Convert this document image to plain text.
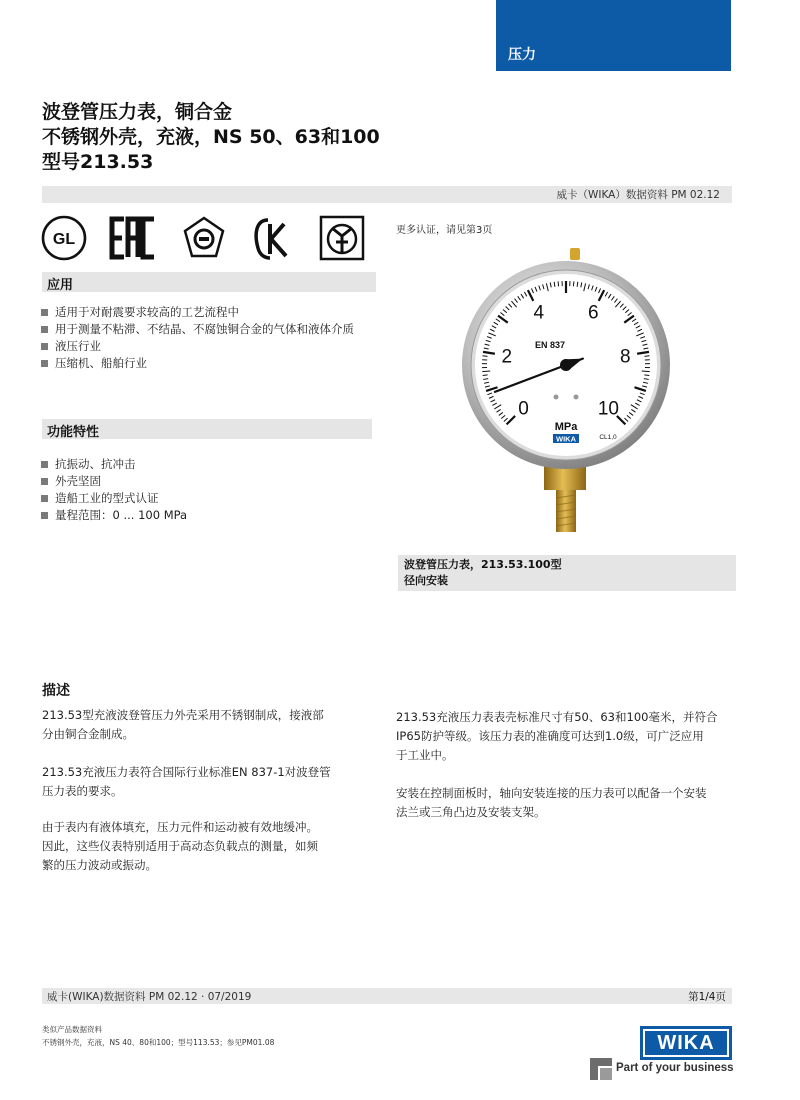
压力
波登管压力表，铜合金
不锈钢外壳，充液，NS 50、63和100
型号213.53
威卡（WIKA）数据资料 PM 02.12
GL
更多认证，请见第3页
应用
适用于对耐震要求较高的工艺流程中
用于测量不粘滞、不结晶、不腐蚀铜合金的气体和液体介质
液压行业
压缩机、船舶行业
功能特性
抗振动、抗冲击
外壳坚固
造船工业的型式认证
量程范围：0 ... 100 MPa
0
2
4 6
8
10
EN 837
MPa
WIKA	CL1,0
波登管压力表，213.53.100型
径向安装
描述
213.53型充液波登管压力外壳采用不锈钢制成，接液部
分由铜合金制成。
213.53充液压力表符合国际行业标准EN 837-1对波登管
压力表的要求。
由于表内有液体填充，压力元件和运动被有效地缓冲。
因此，这些仪表特别适用于高动态负载点的测量，如频
繁的压力波动或振动。
213.53充液压力表表壳标准尺寸有50、63和100毫米，并符合
IP65防护等级。该压力表的准确度可达到1.0级，可广泛应用
于工业中。
安装在控制面板时，轴向安装连接的压力表可以配备一个安装
法兰或三角凸边及安装支架。
威卡(WIKA)数据资料 PM 02.12 · 07/2019	第1/4页
类似产品数据资料
不锈钢外壳，充液，NS 40、80和100；型号113.53；参见PM01.08	WIKA
Part of your business
